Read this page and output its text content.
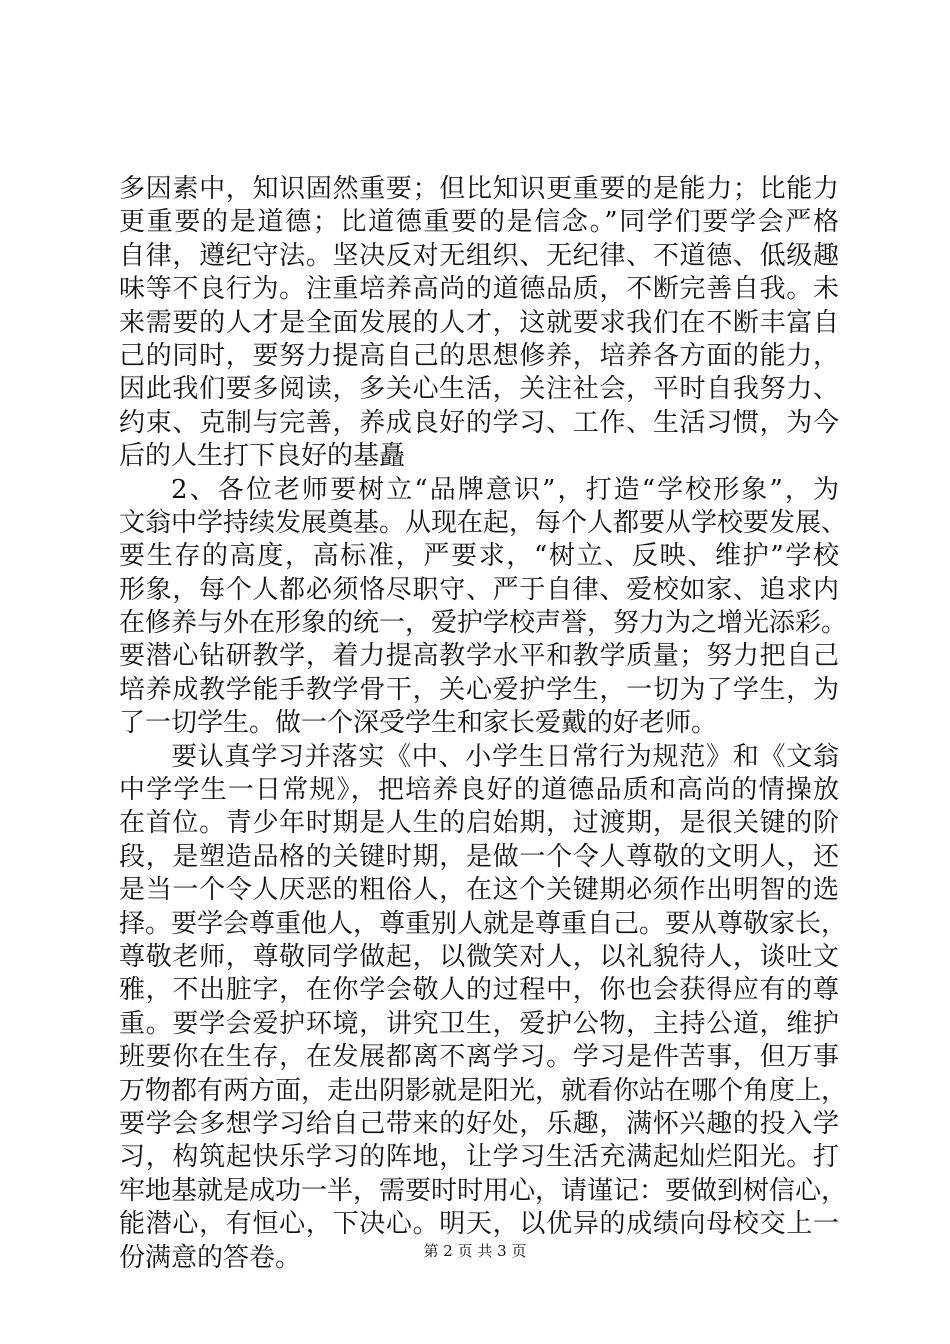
多因素中，知识固然重要；但比知识更重要的是能力；比能力
更重要的是道德；比道德重要的是信念。”同学们要学会严格
自律，遵纪守法。坚决反对无组织、无纪律、不道德、低级趣
味等不良行为。注重培养高尚的道德品质，不断完善自我。未
来需要的人才是全面发展的人才，这就要求我们在不断丰富自
己的同时，要努力提高自己的思想修养，培养各方面的能力，
因此我们要多阅读，多关心生活，关注社会，平时自我努力、
约束、克制与完善，养成良好的学习、工作、生活习惯，为今
后的人生打下良好的基矗
2、各位老师要树立“品牌意识”，打造“学校形象”，为
文翁中学持续发展奠基。从现在起，每个人都要从学校要发展、
要生存的高度，高标准，严要求，“树立、反映、维护”学校
形象，每个人都必须恪尽职守、严于自律、爱校如家、追求内
在修养与外在形象的统一，爱护学校声誉，努力为之增光添彩。
要潜心钻研教学，着力提高教学水平和教学质量；努力把自己
培养成教学能手教学骨干，关心爱护学生，一切为了学生，为
了一切学生。做一个深受学生和家长爱戴的好老师。
要认真学习并落实《中、小学生日常行为规范》和《文翁
中学学生一日常规》，把培养良好的道德品质和高尚的情操放
在首位。青少年时期是人生的启始期，过渡期，是很关键的阶
段，是塑造品格的关键时期，是做一个令人尊敬的文明人，还
是当一个令人厌恶的粗俗人，在这个关键期必须作出明智的选
择。要学会尊重他人，尊重别人就是尊重自己。要从尊敬家长，
尊敬老师，尊敬同学做起，以微笑对人，以礼貌待人，谈吐文
雅，不出脏字，在你学会敬人的过程中，你也会获得应有的尊
重。要学会爱护环境，讲究卫生，爱护公物，主持公道，维护
班要你在生存，在发展都离不离学习。学习是件苦事，但万事
万物都有两方面，走出阴影就是阳光，就看你站在哪个角度上，
要学会多想学习给自己带来的好处，乐趣，满怀兴趣的投入学
习，构筑起快乐学习的阵地，让学习生活充满起灿烂阳光。打
牢地基就是成功一半，需要时时用心，请谨记：要做到树信心，
能潜心，有恒心，下决心。明天，以优异的成绩向母校交上一
份满意的答卷。	第 2 页 共 3 页
